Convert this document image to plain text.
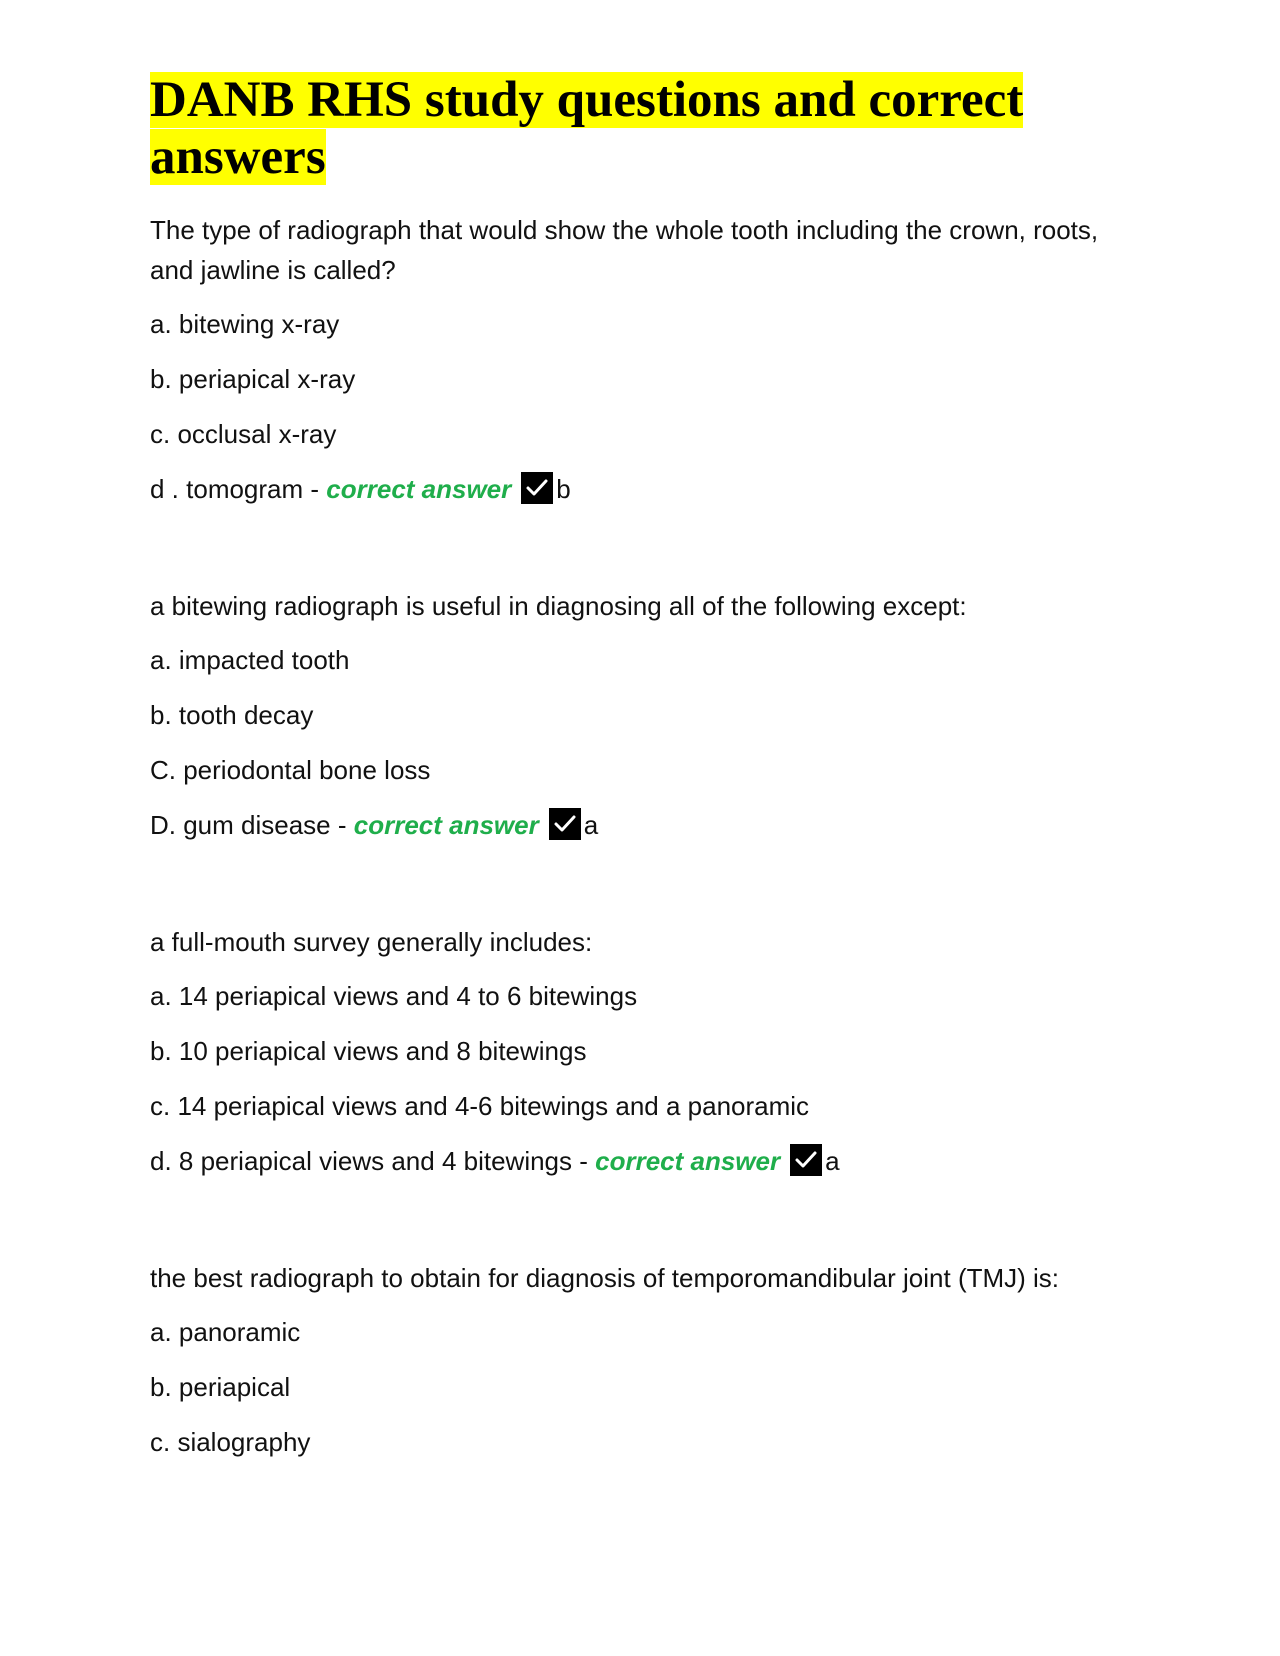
DANB RHS study questions and correct answers

The type of radiograph that would show the whole tooth including the crown, roots, and jawline is called?

a. bitewing x-ray

b. periapical x-ray

c. occlusal x-ray

d . tomogram - correct answer b

a bitewing radiograph is useful in diagnosing all of the following except:

a. impacted tooth

b. tooth decay

C. periodontal bone loss

D. gum disease - correct answer a

a full-mouth survey generally includes:

a. 14 periapical views and 4 to 6 bitewings

b. 10 periapical views and 8 bitewings

c. 14 periapical views and 4-6 bitewings and a panoramic

d. 8 periapical views and 4 bitewings - correct answer a

the best radiograph to obtain for diagnosis of temporomandibular joint (TMJ) is:

a. panoramic

b. periapical

c. sialography
